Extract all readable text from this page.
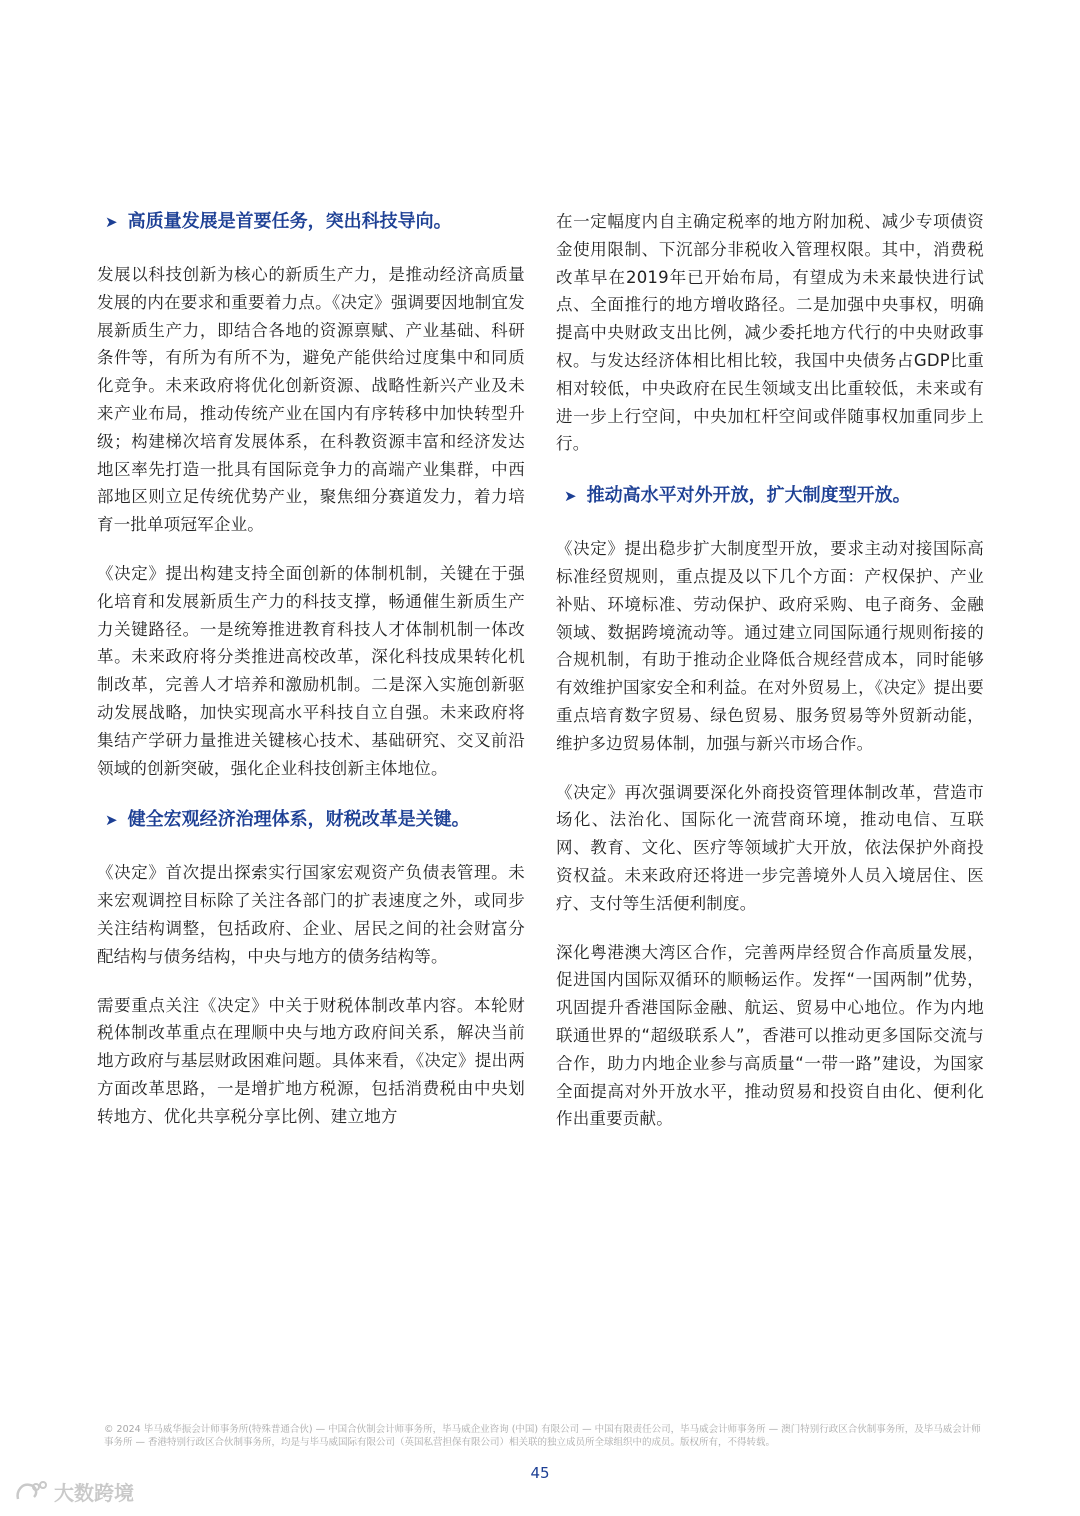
➤ 高质量发展是首要任务，突出科技导向。

发展以科技创新为核心的新质生产力，是推动经济高质量发展的内在要求和重要着力点。《决定》强调要因地制宜发展新质生产力，即结合各地的资源禀赋、产业基础、科研条件等，有所为有所不为，避免产能供给过度集中和同质化竞争。未来政府将优化创新资源、战略性新兴产业及未来产业布局，推动传统产业在国内有序转移中加快转型升级；构建梯次培育发展体系，在科教资源丰富和经济发达地区率先打造一批具有国际竞争力的高端产业集群，中西部地区则立足传统优势产业，聚焦细分赛道发力，着力培育一批单项冠军企业。

《决定》提出构建支持全面创新的体制机制，关键在于强化培育和发展新质生产力的科技支撑，畅通催生新质生产力关键路径。一是统筹推进教育科技人才体制机制一体改革。未来政府将分类推进高校改革，深化科技成果转化机制改革，完善人才培养和激励机制。二是深入实施创新驱动发展战略，加快实现高水平科技自立自强。未来政府将集结产学研力量推进关键核心技术、基础研究、交叉前沿领域的创新突破，强化企业科技创新主体地位。

➤ 健全宏观经济治理体系，财税改革是关键。

《决定》首次提出探索实行国家宏观资产负债表管理。未来宏观调控目标除了关注各部门的扩表速度之外，或同步关注结构调整，包括政府、企业、居民之间的社会财富分配结构与债务结构，中央与地方的债务结构等。

需要重点关注《决定》中关于财税体制改革内容。本轮财税体制改革重点在理顺中央与地方政府间关系，解决当前地方政府与基层财政困难问题。具体来看，《决定》提出两方面改革思路，一是增扩地方税源，包括消费税由中央划转地方、优化共享税分享比例、建立地方

在一定幅度内自主确定税率的地方附加税、减少专项债资金使用限制、下沉部分非税收入管理权限。其中，消费税改革早在2019年已开始布局，有望成为未来最快进行试点、全面推行的地方增收路径。二是加强中央事权，明确提高中央财政支出比例，减少委托地方代行的中央财政事权。与发达经济体相比相比较，我国中央债务占GDP比重相对较低，中央政府在民生领域支出比重较低，未来或有进一步上行空间，中央加杠杆空间或伴随事权加重同步上行。

➤ 推动高水平对外开放，扩大制度型开放。

《决定》提出稳步扩大制度型开放，要求主动对接国际高标准经贸规则，重点提及以下几个方面：产权保护、产业补贴、环境标准、劳动保护、政府采购、电子商务、金融领域、数据跨境流动等。通过建立同国际通行规则衔接的合规机制，有助于推动企业降低合规经营成本，同时能够有效维护国家安全和利益。在对外贸易上，《决定》提出要重点培育数字贸易、绿色贸易、服务贸易等外贸新动能，维护多边贸易体制，加强与新兴市场合作。

《决定》再次强调要深化外商投资管理体制改革，营造市场化、法治化、国际化一流营商环境，推动电信、互联网、教育、文化、医疗等领域扩大开放，依法保护外商投资权益。未来政府还将进一步完善境外人员入境居住、医疗、支付等生活便利制度。

深化粤港澳大湾区合作，完善两岸经贸合作高质量发展，促进国内国际双循环的顺畅运作。发挥“一国两制”优势，巩固提升香港国际金融、航运、贸易中心地位。作为内地联通世界的“超级联系人”，香港可以推动更多国际交流与合作，助力内地企业参与高质量“一带一路”建设，为国家全面提高对外开放水平，推动贸易和投资自由化、便利化作出重要贡献。

© 2024 毕马威华振会计师事务所(特殊普通合伙) — 中国合伙制会计师事务所，毕马威企业咨询 (中国) 有限公司 — 中国有限责任公司，毕马威会计师事务所 — 澳门特别行政区合伙制事务所，及毕马威会计师事务所 — 香港特别行政区合伙制事务所，均是与毕马威国际有限公司（英国私营担保有限公司）相关联的独立成员所全球组织中的成员。版权所有，不得转载。
45
大数跨境
